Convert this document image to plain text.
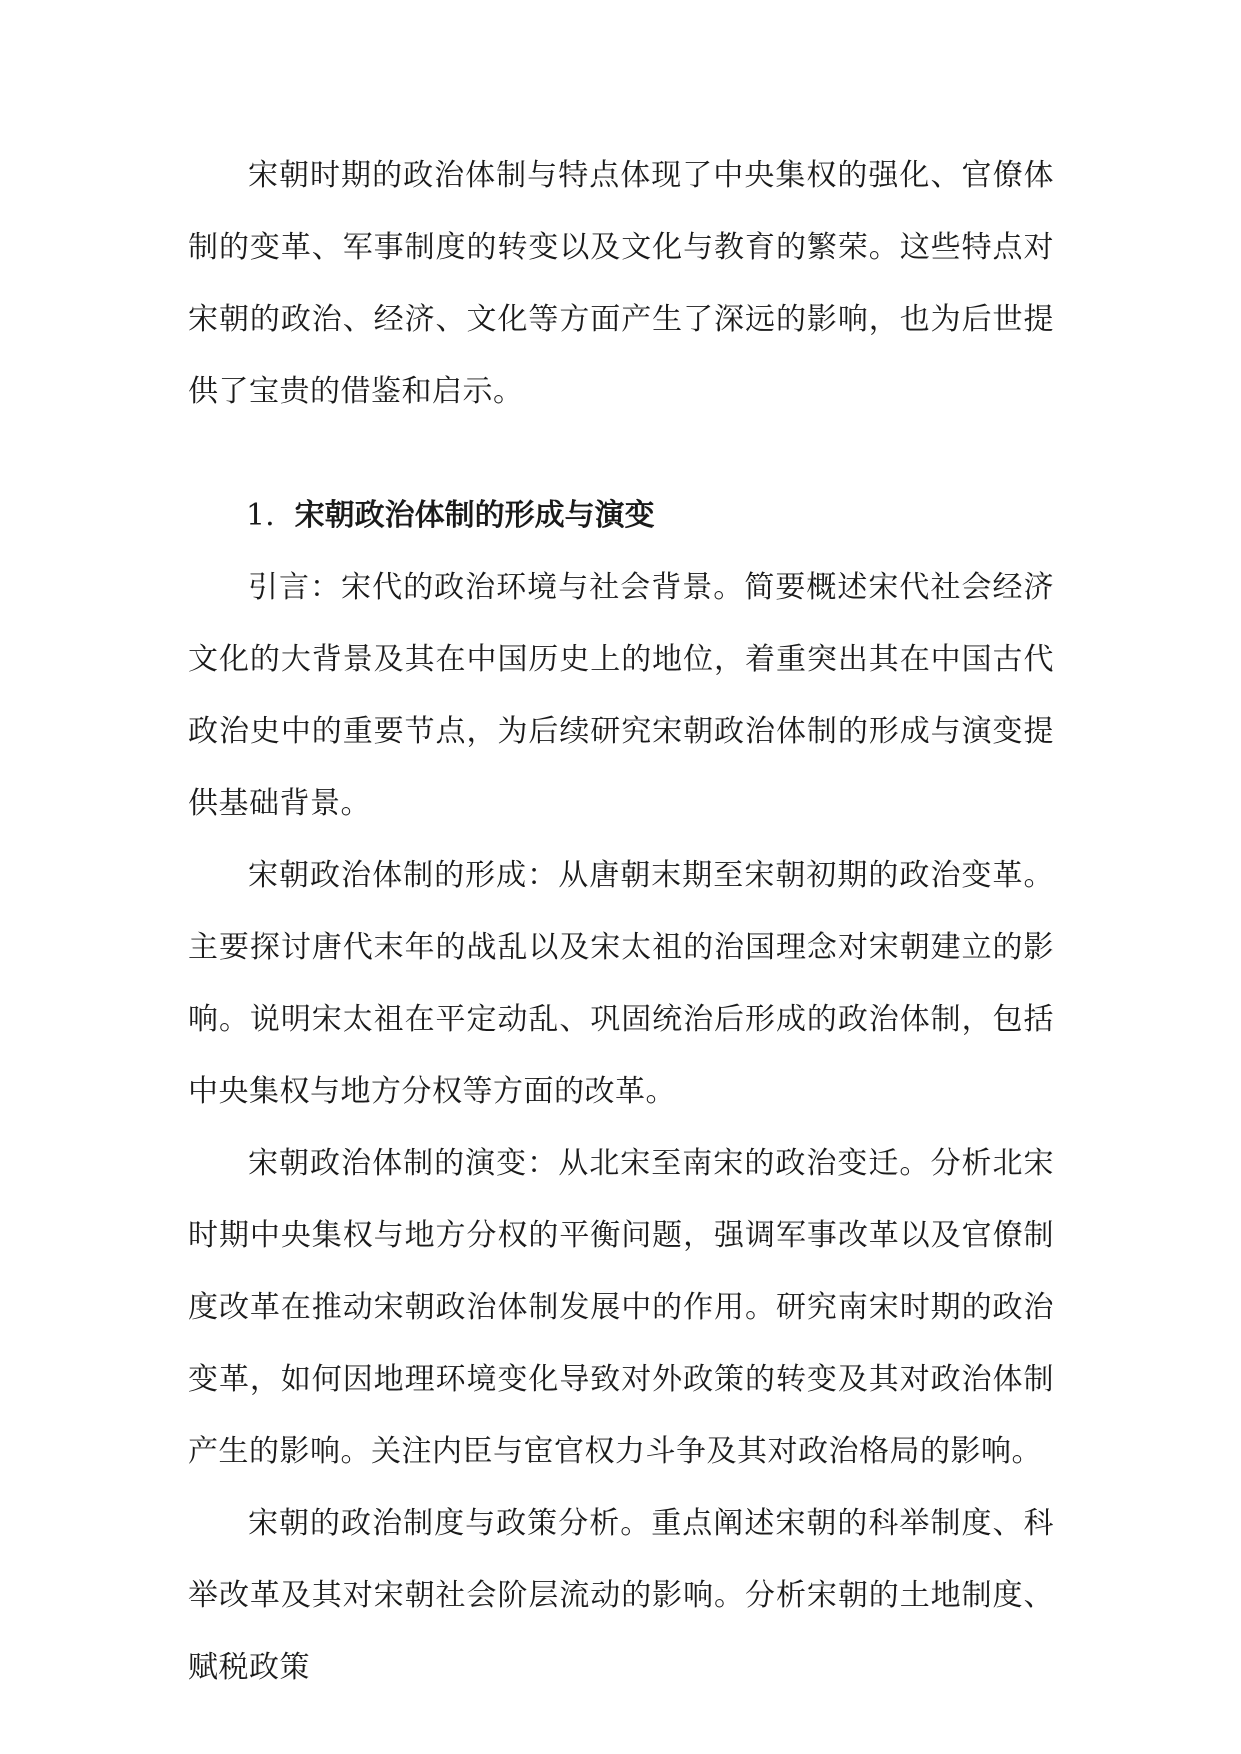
宋朝时期的政治体制与特点体现了中央集权的强化、官僚体制的变革、军事制度的转变以及文化与教育的繁荣。这些特点对宋朝的政治、经济、文化等方面产生了深远的影响，也为后世提供了宝贵的借鉴和启示。

1. 宋朝政治体制的形成与演变

引言：宋代的政治环境与社会背景。简要概述宋代社会经济文化的大背景及其在中国历史上的地位，着重突出其在中国古代政治史中的重要节点，为后续研究宋朝政治体制的形成与演变提供基础背景。

宋朝政治体制的形成：从唐朝末期至宋朝初期的政治变革。主要探讨唐代末年的战乱以及宋太祖的治国理念对宋朝建立的影响。说明宋太祖在平定动乱、巩固统治后形成的政治体制，包括中央集权与地方分权等方面的改革。

宋朝政治体制的演变：从北宋至南宋的政治变迁。分析北宋时期中央集权与地方分权的平衡问题，强调军事改革以及官僚制度改革在推动宋朝政治体制发展中的作用。研究南宋时期的政治变革，如何因地理环境变化导致对外政策的转变及其对政治体制产生的影响。关注内臣与宦官权力斗争及其对政治格局的影响。

宋朝的政治制度与政策分析。重点阐述宋朝的科举制度、科举改革及其对宋朝社会阶层流动的影响。分析宋朝的土地制度、赋税政策
